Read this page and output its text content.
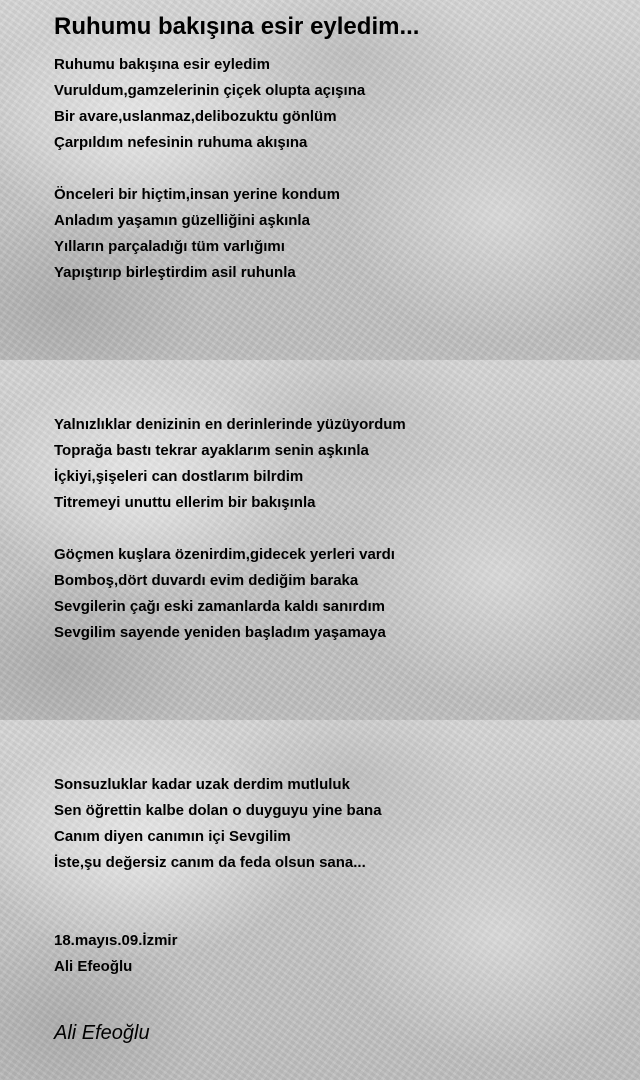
Ruhumu bakışına esir eyledim...
Ruhumu bakışına esir eyledim
Vuruldum,gamzelerinin çiçek olupta açışına
Bir avare,uslanmaz,delibozuktu gönlüm
Çarpıldım nefesinin ruhuma akışına
Önceleri bir hiçtim,insan yerine kondum
Anladım yaşamın güzelliğini aşkınla
Yılların parçaladığı tüm varlığımı
Yapıştırıp birleştirdim asil ruhunla
Yalnızlıklar denizinin en derinlerinde yüzüyordum
Toprağa bastı tekrar ayaklarım senin aşkınla
İçkiyi,şişeleri can dostlarım bilrdim
Titremeyi unuttu ellerim bir bakışınla
Göçmen kuşlara özenirdim,gidecek yerleri vardı
Bomboş,dört duvardı evim dediğim baraka
Sevgilerin çağı eski zamanlarda kaldı sanırdım
Sevgilim sayende yeniden başladım yaşamaya
Sonsuzluklar kadar uzak derdim mutluluk
Sen öğrettin kalbe dolan o duyguyu yine bana
Canım diyen canımın içi Sevgilim
İste,şu değersiz canım da feda olsun sana...
18.mayıs.09.İzmir
Ali Efeoğlu

Ali Efeoğlu
